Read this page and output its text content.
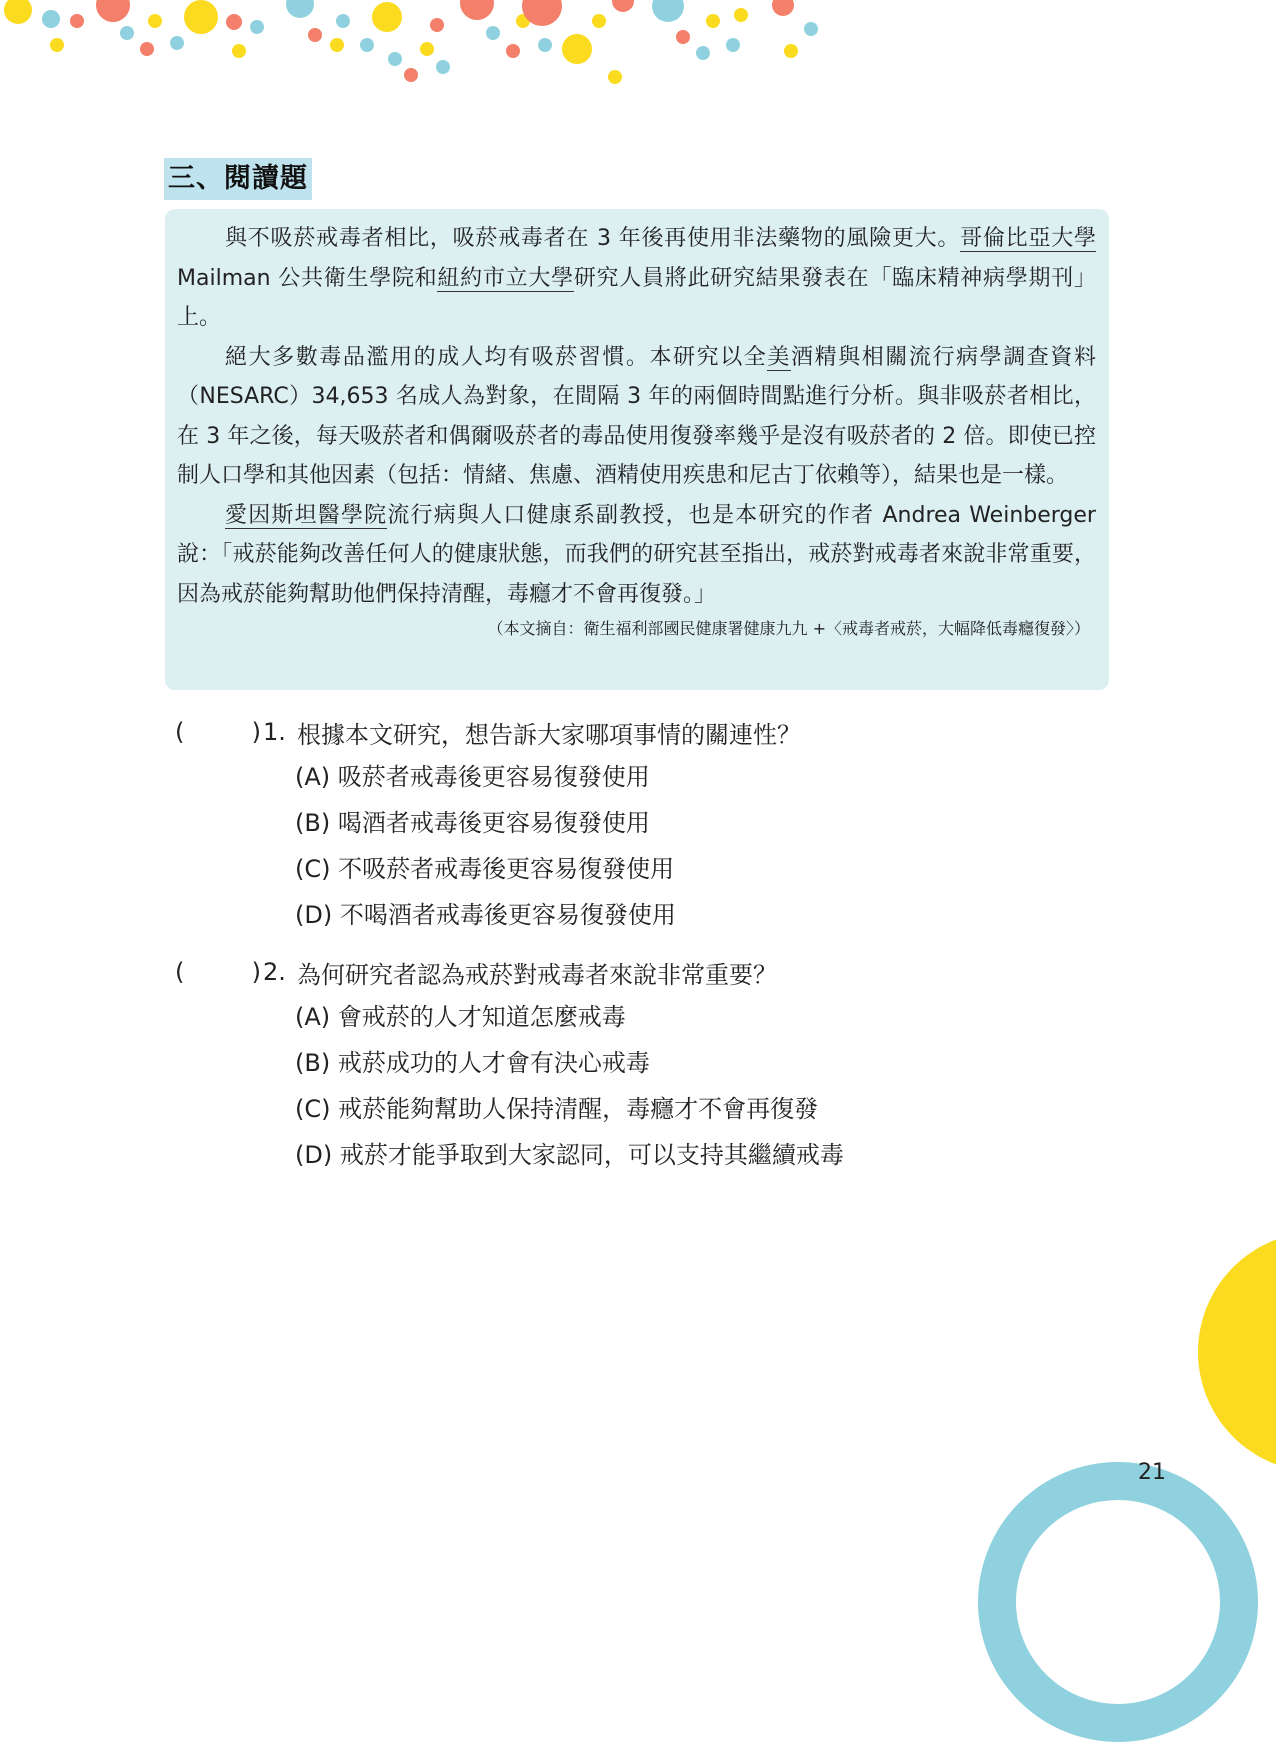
三、閱讀題

與不吸菸戒毒者相比，吸菸戒毒者在 3 年後再使用非法藥物的風險更大。哥倫比亞大學 Mailman 公共衛生學院和紐約市立大學研究人員將此研究結果發表在「臨床精神病學期刊」上。

絕大多數毒品濫用的成人均有吸菸習慣。本研究以全美酒精與相關流行病學調查資料（NESARC）34,653 名成人為對象，在間隔 3 年的兩個時間點進行分析。與非吸菸者相比，在 3 年之後，每天吸菸者和偶爾吸菸者的毒品使用復發率幾乎是沒有吸菸者的 2 倍。即使已控制人口學和其他因素（包括：情緒、焦慮、酒精使用疾患和尼古丁依賴等），結果也是一樣。

愛因斯坦醫學院流行病與人口健康系副教授，也是本研究的作者 Andrea Weinberger 說：「戒菸能夠改善任何人的健康狀態，而我們的研究甚至指出，戒菸對戒毒者來說非常重要，因為戒菸能夠幫助他們保持清醒，毒癮才不會再復發。」

（本文摘自：衛生福利部國民健康署健康九九 +〈戒毒者戒菸，大幅降低毒癮復發〉）
(	) 1. 根據本文研究，想告訴大家哪項事情的關連性？
(A) 吸菸者戒毒後更容易復發使用
(B) 喝酒者戒毒後更容易復發使用
(C) 不吸菸者戒毒後更容易復發使用
(D) 不喝酒者戒毒後更容易復發使用
(	) 2. 為何研究者認為戒菸對戒毒者來說非常重要？
(A) 會戒菸的人才知道怎麼戒毒
(B) 戒菸成功的人才會有決心戒毒
(C) 戒菸能夠幫助人保持清醒，毒癮才不會再復發
(D) 戒菸才能爭取到大家認同，可以支持其繼續戒毒
21
